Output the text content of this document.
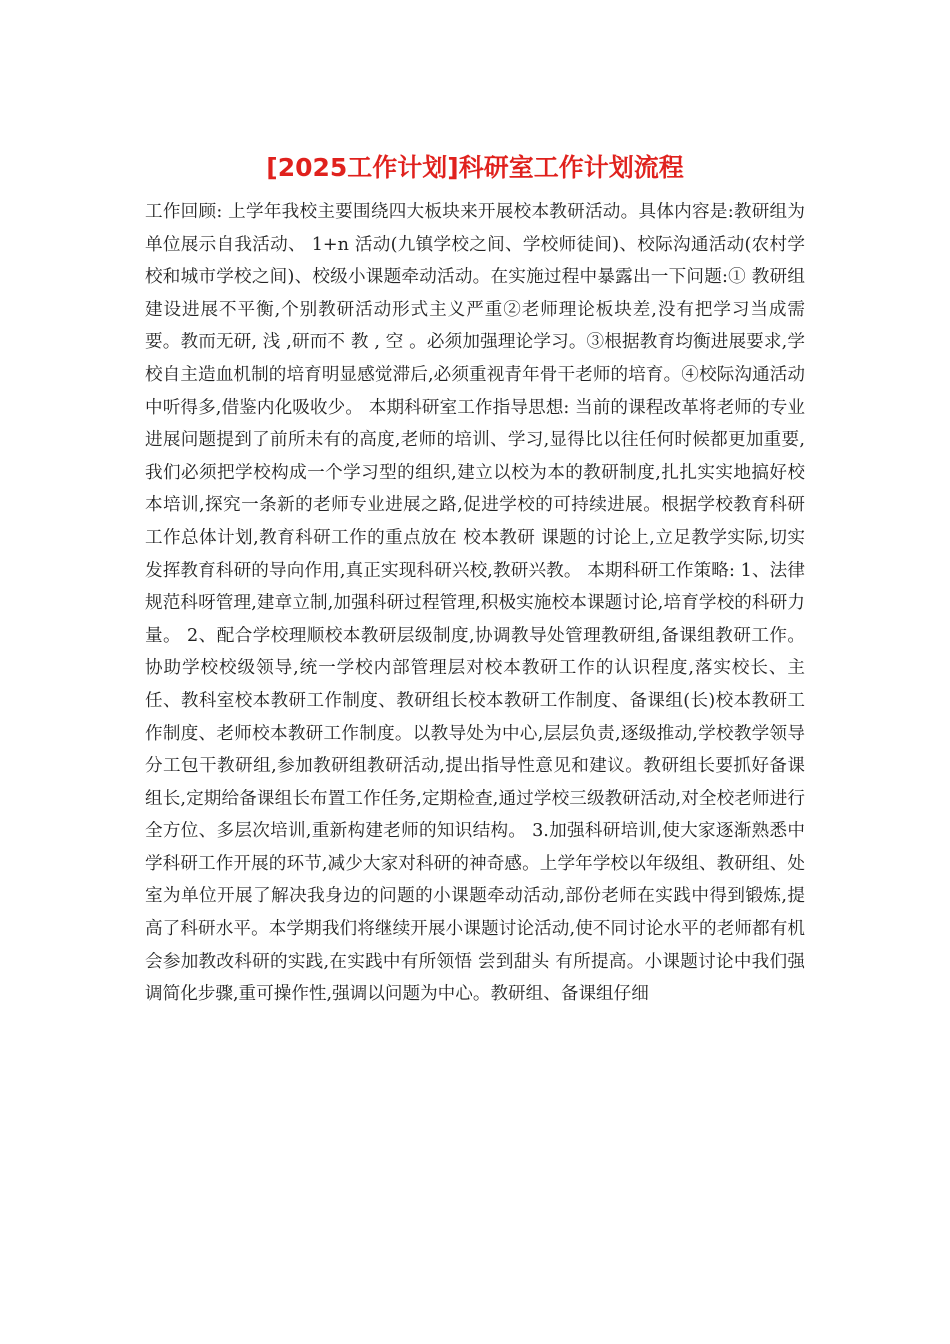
[2025工作计划]科研室工作计划流程

工作回顾: 上学年我校主要围绕四大板块来开展校本教研活动。具体内容是:教研组为单位展示自我活动、 1+n 活动(九镇学校之间、学校师徒间)、校际沟通活动(农村学校和城市学校之间)、校级小课题牵动活动。在实施过程中暴露出一下问题:① 教研组建设进展不平衡,个别教研活动形式主义严重②老师理论板块差,没有把学习当成需要。教而无研, 浅 ,研而不 教 , 空 。必须加强理论学习。③根据教育均衡进展要求,学校自主造血机制的培育明显感觉滞后,必须重视青年骨干老师的培育。④校际沟通活动中听得多,借鉴内化吸收少。 本期科研室工作指导思想: 当前的课程改革将老师的专业进展问题提到了前所未有的高度,老师的培训、学习,显得比以往任何时候都更加重要,我们必须把学校构成一个学习型的组织,建立以校为本的教研制度,扎扎实实地搞好校本培训,探究一条新的老师专业进展之路,促进学校的可持续进展。根据学校教育科研工作总体计划,教育科研工作的重点放在 校本教研 课题的讨论上,立足教学实际,切实发挥教育科研的导向作用,真正实现科研兴校,教研兴教。 本期科研工作策略: 1、法律规范科呀管理,建章立制,加强科研过程管理,积极实施校本课题讨论,培育学校的科研力量。 2、配合学校理顺校本教研层级制度,协调教导处管理教研组,备课组教研工作。协助学校校级领导,统一学校内部管理层对校本教研工作的认识程度,落实校长、主任、教科室校本教研工作制度、教研组长校本教研工作制度、备课组(长)校本教研工作制度、老师校本教研工作制度。以教导处为中心,层层负责,逐级推动,学校教学领导分工包干教研组,参加教研组教研活动,提出指导性意见和建议。教研组长要抓好备课组长,定期给备课组长布置工作任务,定期检查,通过学校三级教研活动,对全校老师进行全方位、多层次培训,重新构建老师的知识结构。 3.加强科研培训,使大家逐渐熟悉中学科研工作开展的环节,减少大家对科研的神奇感。上学年学校以年级组、教研组、处室为单位开展了解决我身边的问题的小课题牵动活动,部份老师在实践中得到锻炼,提高了科研水平。本学期我们将继续开展小课题讨论活动,使不同讨论水平的老师都有机会参加教改科研的实践,在实践中有所领悟 尝到甜头 有所提高。小课题讨论中我们强调简化步骤,重可操作性,强调以问题为中心。教研组、备课组仔细
